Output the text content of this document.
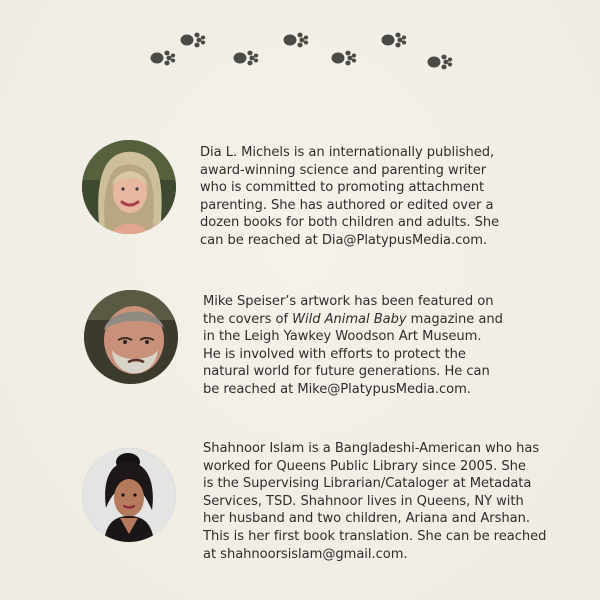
Dia L. Michels is an internationally published,
award-winning science and parenting writer
who is committed to promoting attachment
parenting. She has authored or edited over a
dozen books for both children and adults. She
can be reached at Dia@PlatypusMedia.com.
Mike Speiser’s artwork has been featured on
the covers of Wild Animal Baby magazine and
in the Leigh Yawkey Woodson Art Museum.
He is involved with efforts to protect the
natural world for future generations. He can
be reached at Mike@PlatypusMedia.com.
Shahnoor Islam is a Bangladeshi-American who has
worked for Queens Public Library since 2005. She
is the Supervising Librarian/Cataloger at Metadata
Services, TSD. Shahnoor lives in Queens, NY with
her husband and two children, Ariana and Arshan.
This is her first book translation. She can be reached
at shahnoorsislam@gmail.com.
